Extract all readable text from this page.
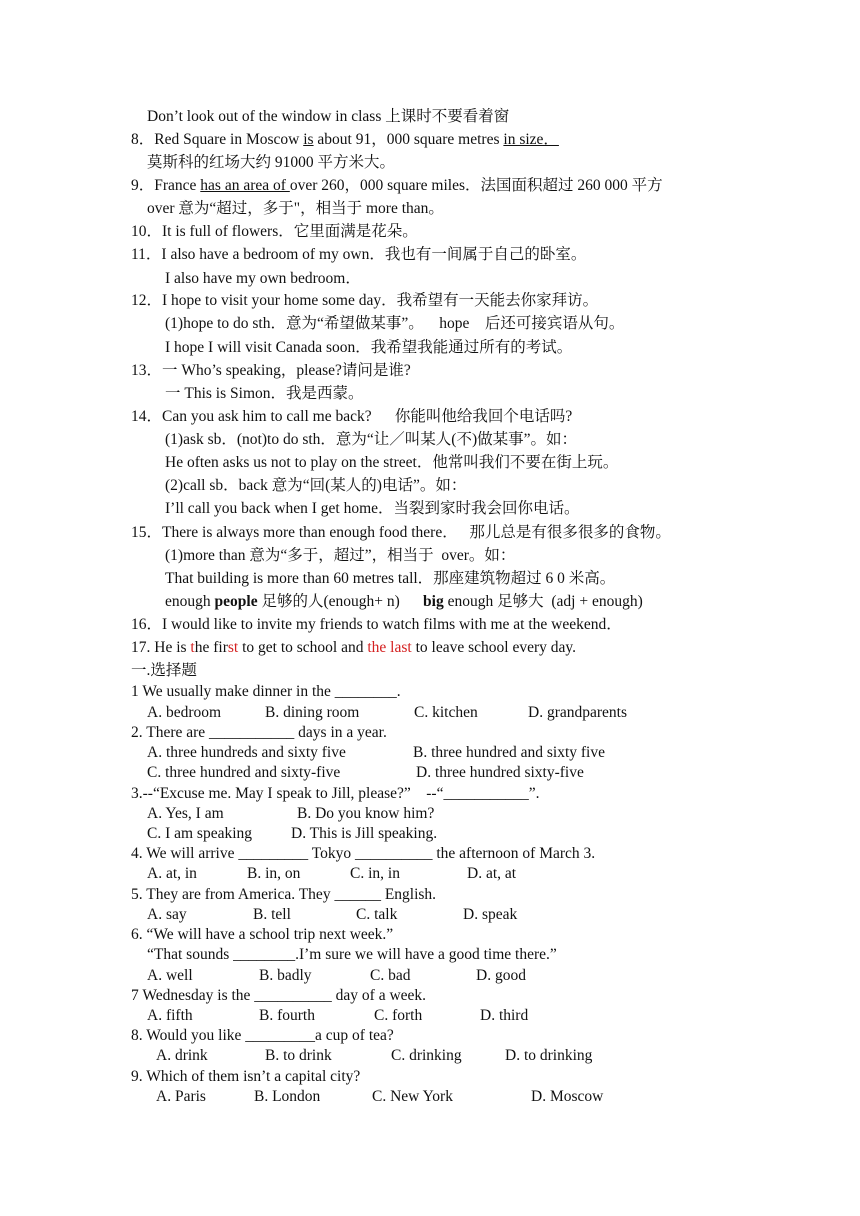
Don’t look out of the window in class 上课时不要看着窗
8．Red Square in Moscow is about 91，000 square metres in size．
莫斯科的红场大约 91000 平方米大。
9．France has an area of over 260，000 square miles．法国面积超过 260 000 平方
over 意为“超过，多于"，相当于 more than。
10．It is full of flowers．它里面满是花朵。
11．I also have a bedroom of my own．我也有一间属于自己的卧室。
I also have my own bedroom．
12．I hope to visit your home some day．我希望有一天能去你家拜访。
(1)hope to do sth．意为“希望做某事”。    hope    后还可接宾语从句。
I hope I will visit Canada soon．我希望我能通过所有的考试。
13．一 Who’s speaking，please?请问是谁?
一 This is Simon．我是西蒙。
14．Can you ask him to call me back?      你能叫他给我回个电话吗?
(1)ask sb．(not)to do sth．意为“让／叫某人(不)做某事”。如：
He often asks us not to play on the street．他常叫我们不要在街上玩。
(2)call sb．back 意为“回(某人的)电话”。如：
I’ll call you back when I get home．当裂到家时我会回你电话。
15．There is always more than enough food there．   那儿总是有很多很多的食物。
(1)more than 意为“多于，超过”，相当于  over。如：
That building is more than 60 metres tall．那座建筑物超过 6 0 米高。
enough people 足够的人(enough+ n)      big enough 足够大  (adj + enough)
16．I would like to invite my friends to watch films with me at the weekend．
17. He is the first to get to school and the last to leave school every day.
一.选择题
1 We usually make dinner in the ________.
A. bedroom	B. dining room	C. kitchen	D. grandparents
2. There are ___________ days in a year.
A. three hundreds and sixty five	B. three hundred and sixty five
C. three hundred and sixty-five	D. three hundred sixty-five
3.--“Excuse me. May I speak to Jill, please?”    --“___________”.
A. Yes, I am	B. Do you know him?
C. I am speaking	D. This is Jill speaking.
4. We will arrive _________ Tokyo __________ the afternoon of March 3.
A. at, in	B. in, on	C. in, in	D. at, at
5. They are from America. They ______ English.
A. say	B. tell	C. talk	D. speak
6. “We will have a school trip next week.”
“That sounds ________.I’m sure we will have a good time there.”
A. well	B. badly	C. bad	D. good
7 Wednesday is the __________ day of a week.
A. fifth	B. fourth	C. forth	D. third
8. Would you like _________a cup of tea?
A. drink	B. to drink	C. drinking	D. to drinking
9. Which of them isn’t a capital city?
A. Paris	B. London	C. New York	D. Moscow
